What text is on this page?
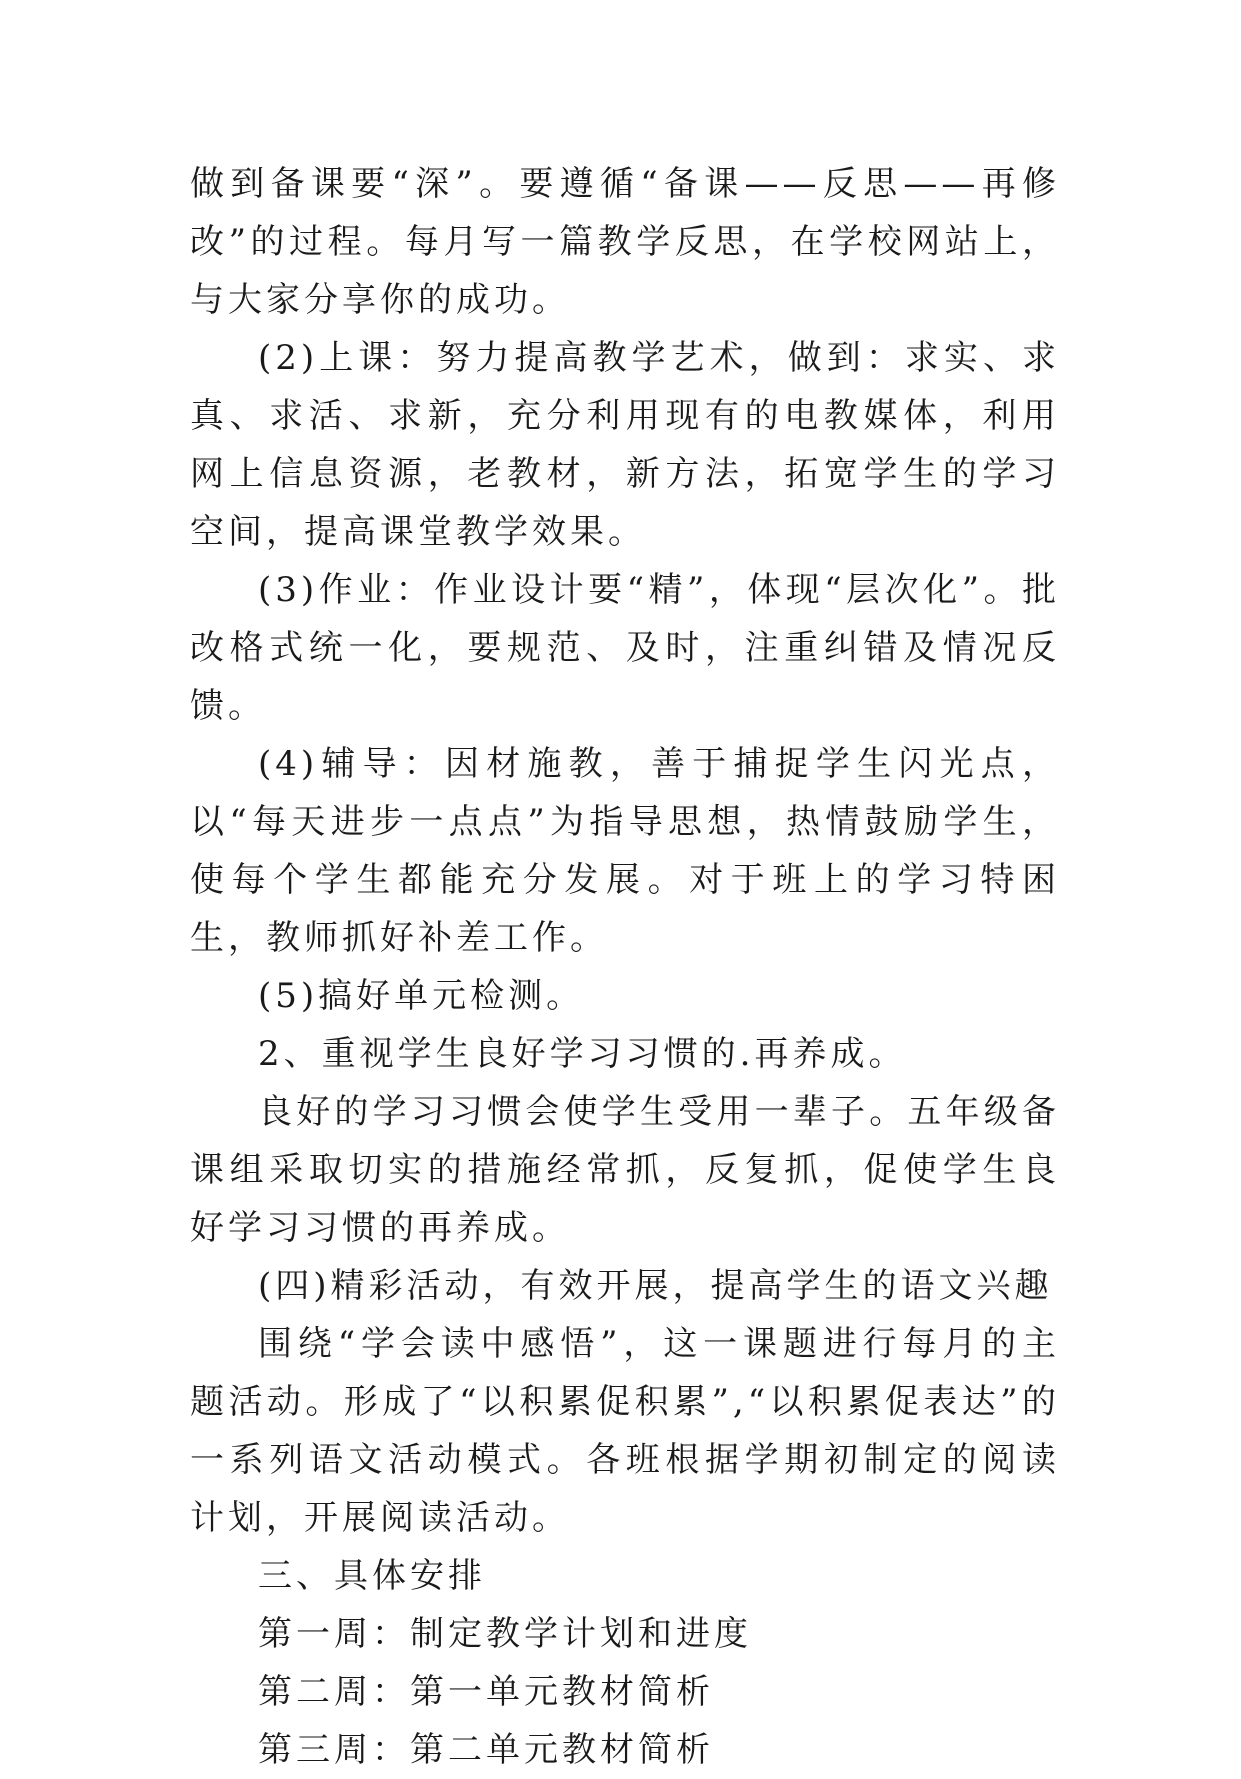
做到备课要“深”。要遵循“备课——反思——再修改”的过程。每月写一篇教学反思，在学校网站上，与大家分享你的成功。

(2)上课：努力提高教学艺术，做到：求实、求真、求活、求新，充分利用现有的电教媒体，利用网上信息资源，老教材，新方法，拓宽学生的学习空间，提高课堂教学效果。

(3)作业：作业设计要“精”，体现“层次化”。批改格式统一化，要规范、及时，注重纠错及情况反馈。

(4)辅导：因材施教，善于捕捉学生闪光点，以“每天进步一点点”为指导思想，热情鼓励学生，使每个学生都能充分发展。对于班上的学习特困生，教师抓好补差工作。

(5)搞好单元检测。

2、重视学生良好学习习惯的.再养成。

良好的学习习惯会使学生受用一辈子。五年级备课组采取切实的措施经常抓，反复抓，促使学生良好学习习惯的再养成。

(四)精彩活动，有效开展，提高学生的语文兴趣

围绕“学会读中感悟”，这一课题进行每月的主题活动。形成了“以积累促积累”,“以积累促表达”的一系列语文活动模式。各班根据学期初制定的阅读计划，开展阅读活动。

三、具体安排

第一周：制定教学计划和进度

第二周：第一单元教材简析

第三周：第二单元教材简析
